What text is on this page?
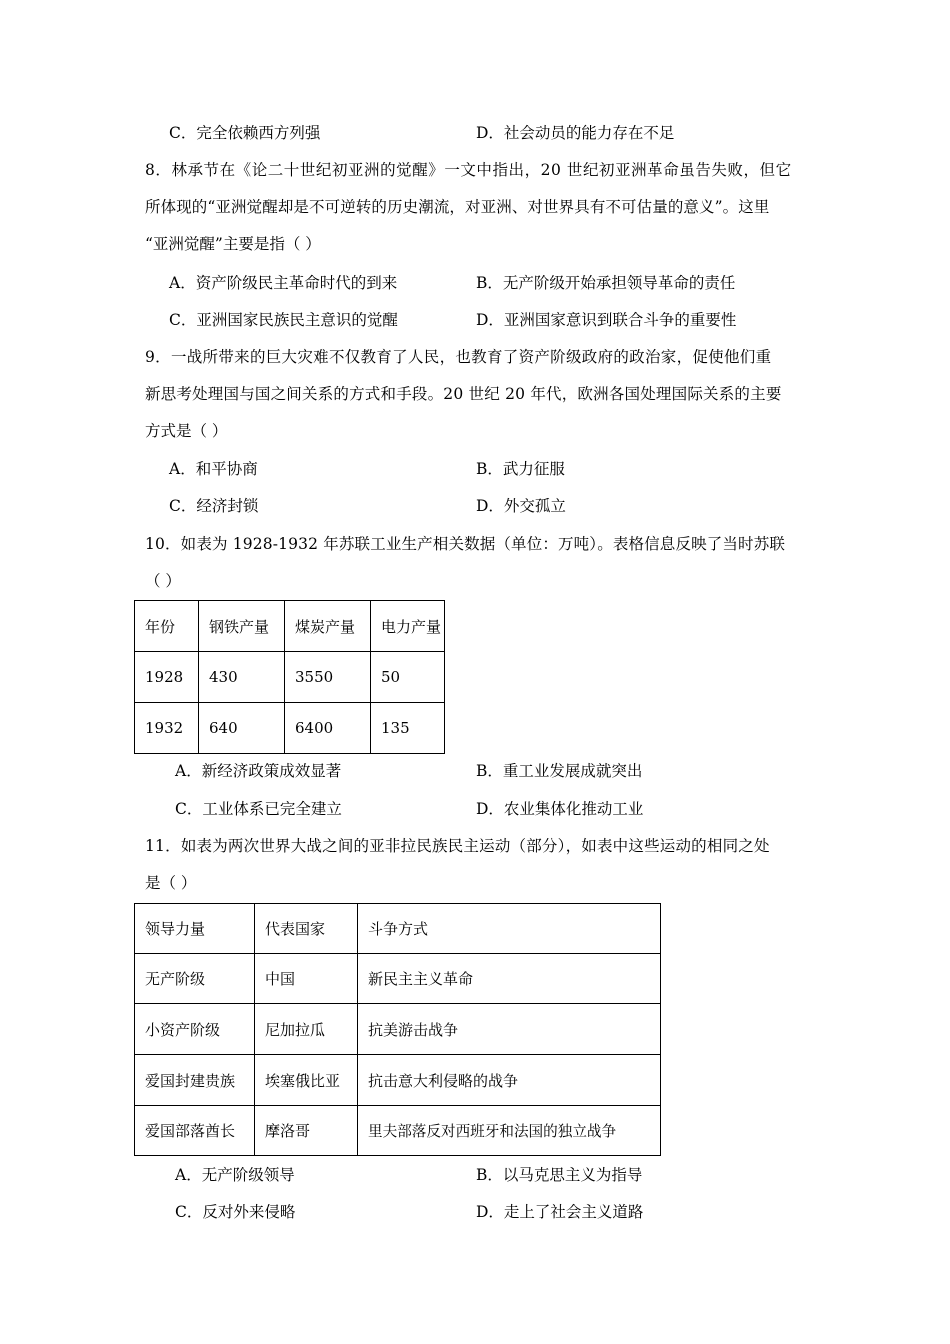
C．完全依赖西方列强	D．社会动员的能力存在不足
8．林承节在《论二十世纪初亚洲的觉醒》一文中指出，20 世纪初亚洲革命虽告失败，但它
所体现的“亚洲觉醒却是不可逆转的历史潮流，对亚洲、对世界具有不可估量的意义”。这里
“亚洲觉醒”主要是指（ ）
A．资产阶级民主革命时代的到来	B．无产阶级开始承担领导革命的责任
C．亚洲国家民族民主意识的觉醒	D．亚洲国家意识到联合斗争的重要性
9．一战所带来的巨大灾难不仅教育了人民，也教育了资产阶级政府的政治家，促使他们重
新思考处理国与国之间关系的方式和手段。20 世纪 20 年代，欧洲各国处理国际关系的主要
方式是（ ）
A．和平协商	B．武力征服
C．经济封锁	D．外交孤立
10．如表为 1928-1932 年苏联工业生产相关数据（单位：万吨）。表格信息反映了当时苏联
（ ）
年份	钢铁产量	煤炭产量	电力产量
1928	430	3550	50
1932	640	6400	135
A．新经济政策成效显著	B．重工业发展成就突出
C．工业体系已完全建立	D．农业集体化推动工业
11．如表为两次世界大战之间的亚非拉民族民主运动（部分），如表中这些运动的相同之处
是（ ）
领导力量	代表国家	斗争方式
无产阶级	中国	新民主主义革命
小资产阶级	尼加拉瓜	抗美游击战争
爱国封建贵族	埃塞俄比亚	抗击意大利侵略的战争
爱国部落酋长	摩洛哥	里夫部落反对西班牙和法国的独立战争
A．无产阶级领导	B．以马克思主义为指导
C．反对外来侵略	D．走上了社会主义道路
